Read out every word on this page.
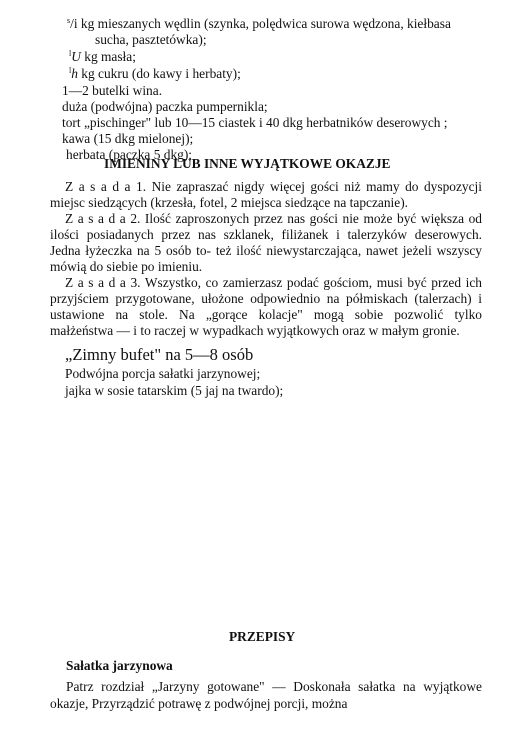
$^s$/i kg mieszanych wędlin (szynka, polędwica surowa wędzona, kiełbasa
sucha, pasztetówka);
$^l$U kg masła;
$^l$h kg cukru (do kawy i herbaty);
1—2 butelki wina.
duża (podwójna) paczka pumpernikla;
tort „pischinger" lub 10—15 ciastek i 40 dkg herbatników deserowych ;
kawa (15 dkg mielonej);
herbata (paczka 5 dkg);
IMIENINY LUB INNE WYJĄTKOWE OKAZJE
Z a s a d a 1. Nie zapraszać nigdy więcej gości niż mamy do dyspozycji
miejsc siedzących (krzesła, fotel, 2 miejsca siedzące na tapczanie).
Z a s a d a 2. Ilość zaproszonych przez nas gości nie może być większa od
ilości posiadanych przez nas szklanek, filiżanek i talerzyków deserowych.
Jedna łyżeczka na 5 osób to- też ilość niewystarczająca, nawet jeżeli wszyscy
mówią do siebie po imieniu.
Z a s a d a 3. Wszystko, co zamierzasz podać gościom, musi być przed ich
przyjściem przygotowane, ułożone odpowiednio na półmiskach (talerzach) i
ustawione na stole. Na „gorące kolacje" mogą sobie pozwolić tylko
małżeństwa — i to raczej w wypadkach wyjątkowych oraz w małym gronie.
„Zimny bufet" na 5—8 osób
Podwójna porcja sałatki jarzynowej;
jajka w sosie tatarskim (5 jaj na twardo);
PRZEPISY
Sałatka jarzynowa
Patrz rozdział „Jarzyny gotowane" — Doskonała sałatka na wyjątkowe
okazje, Przyrządzić potrawę z podwójnej porcji, można
